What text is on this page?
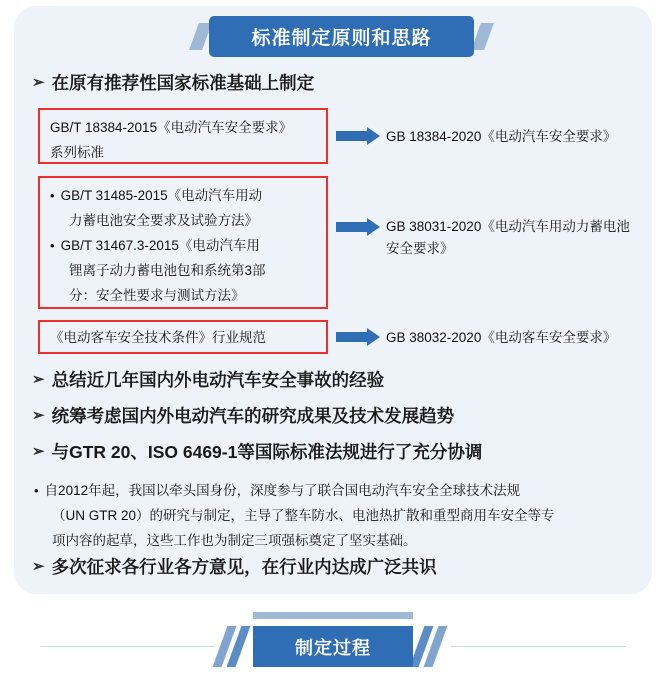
标准制定原则和思路
➢ 在原有推荐性国家标准基础上制定
GB/T 18384-2015《电动汽车安全要求》
系列标准
GB 18384-2020《电动汽车安全要求》
• GB/T 31485-2015《电动汽车用动
力蓄电池安全要求及试验方法》
• GB/T 31467.3-2015《电动汽车用
锂离子动力蓄电池包和系统第3部
分：安全性要求与测试方法》
GB 38031-2020《电动汽车用动力蓄电池
安全要求》
《电动客车安全技术条件》行业规范	GB 38032-2020《电动客车安全要求》
➢ 总结近几年国内外电动汽车安全事故的经验
➢ 统筹考虑国内外电动汽车的研究成果及技术发展趋势
➢ 与GTR 20、ISO 6469-1等国际标准法规进行了充分协调
• 自2012年起，我国以牵头国身份，深度参与了联合国电动汽车安全全球技术法规
（UN GTR 20）的研究与制定，主导了整车防水、电池热扩散和重型商用车安全等专
项内容的起草，这些工作也为制定三项强标奠定了坚实基础。
➢ 多次征求各行业各方意见，在行业内达成广泛共识
制定过程
